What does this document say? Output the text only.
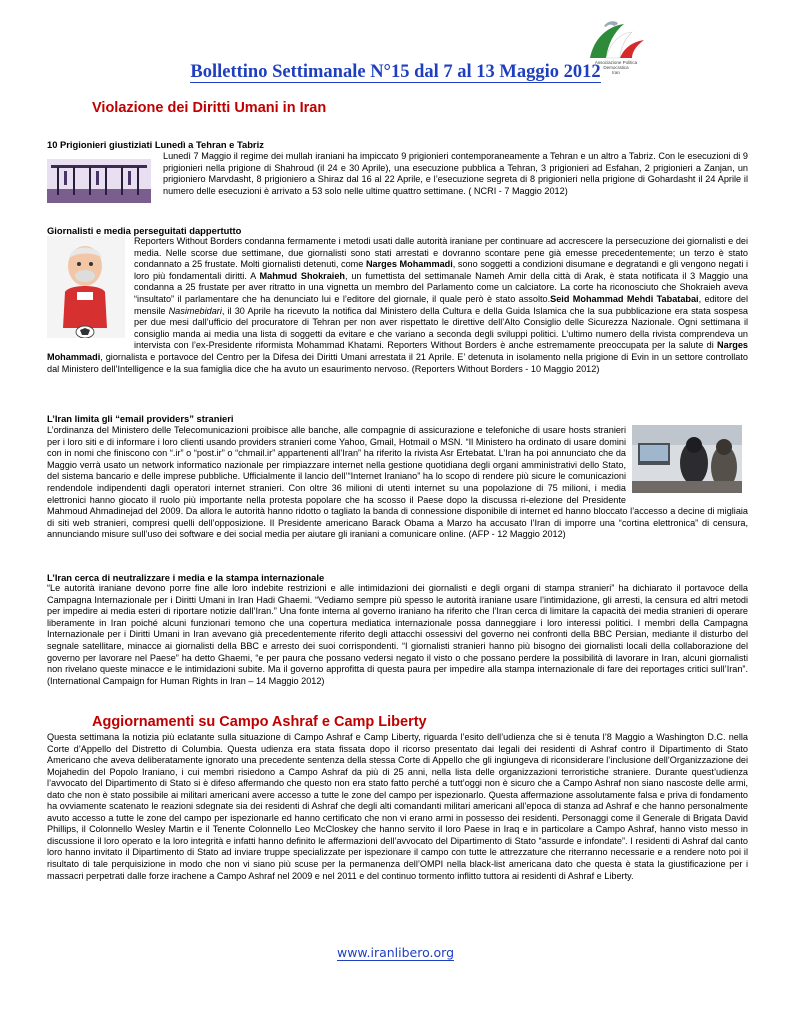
Associazione Politica
Democratica
Iran
Bollettino Settimanale N°15 dal 7 al 13 Maggio 2012
Violazione dei Diritti Umani in Iran
10 Prigionieri giustiziati Lunedì a Tehran e Tabriz

Lunedì 7 Maggio il regime dei mullah iraniani ha impiccato 9 prigionieri contemporaneamente a Tehran e un altro a Tabriz. Con le esecuzioni di 9 prigionieri nella prigione di Shahroud (il 24 e 30 Aprile), una esecuzione pubblica a Tehran, 3 prigionieri ad Esfahan, 2 prigionieri a Zanjan, un prigioniero Marvdasht, 8 prigioniero a Shiraz dal 16 al 22 Aprile, e l’esecuzione segreta di 8 prigionieri nella prigione di Gohardasht il 24 Aprile il numero delle esecuzioni è arrivato a 53 solo nelle ultime quattro settimane. ( NCRI - 7 Maggio 2012)

Giornalisti e media perseguitati dappertutto

Reporters Without Borders condanna fermamente i metodi usati dalle autorità iraniane per continuare ad accrescere la persecuzione dei giornalisti e dei media. Nelle scorse due settimane, due giornalisti sono stati arrestati e dovranno scontare pene già emesse precedentemente; un terzo è stato condannato a 25 frustate. Molti giornalisti detenuti, come Narges Mohammadi, sono soggetti a condizioni disumane e degratandi e gli vengono negati i loro più fondamentali diritti. A Mahmud Shokraieh, un fumettista del settimanale Nameh Amir della città di Arak, è stata notificata il 3 Maggio una condanna a 25 frustate per aver ritratto in una vignetta un membro del Parlamento come un calciatore. La corte ha riconosciuto che Shokraieh aveva “insultato” il parlamentare che ha denunciato lui e l’editore del giornale, il quale però è stato assolto.Seid Mohammad Mehdi Tabatabai, editore del mensile Nasimebidari, il 30 Aprile ha ricevuto la notifica dal Ministero della Cultura e della Guida Islamica che la sua pubblicazione era stata sospesa per due mesi dall’ufficio del procuratore di Tehran per non aver rispettato le direttive dell’Alto Consiglio delle Sicurezza Nazionale. Ogni settimana il consiglio manda ai media una lista di soggetti da evitare e che variano a seconda degli sviluppi politici. L’ultimo numero della rivista comprendeva un intervista con l’ex-Presidente riformista Mohammad Khatami. Reporters Without Borders è anche estremamente preoccupata per la salute di Narges Mohammadi, giornalista e portavoce del Centro per la Difesa dei Diritti Umani arrestata il 21 Aprile. E’ detenuta in isolamento nella prigione di Evin in un settore controllato dal Ministero dell’Intelligence e la sua famiglia dice che ha avuto un esaurimento nervoso. (Reporters Without Borders - 10 Maggio 2012)

L’Iran limita gli “email providers” stranieri

L’ordinanza del Ministero delle Telecomunicazioni proibisce alle banche, alle compagnie di assicurazione e telefoniche di usare hosts stranieri per i loro siti e di informare i loro clienti usando providers stranieri come Yahoo, Gmail, Hotmail o MSN. “Il Ministero ha ordinato di usare domini con in nomi che finiscono con “.ir” o “post.ir” o “chmail.ir” appartenenti all’Iran” ha riferito la rivista Asr Ertebatat. L’Iran ha poi annunciato che da Maggio verrà usato un network informatico nazionale per rimpiazzare internet nella gestione quotidiana degli organi amministrativi dello Stato, del sistema bancario e delle imprese pubbliche. Ufficialmente il lancio dell’“Internet Iraniano” ha lo scopo di rendere più sicure le comunicazioni rendendole indipendenti dagli operatori internet stranieri. Con oltre 36 milioni di utenti internet su una popolazione di 75 milioni, i media elettronici hanno giocato il ruolo più importante nella protesta popolare che ha scosso il Paese dopo la discussa ri-elezione del Presidente Mahmoud Ahmadinejad del 2009. Da allora le autorità hanno ridotto o tagliato la banda di connessione disponibile di internet ed hanno bloccato l’accesso a decine di migliaia di siti web stranieri, compresi quelli dell’opposizione. Il Presidente americano Barack Obama a Marzo ha accusato l’Iran di imporre una “cortina elettronica” di censura, annunciando misure sull’uso dei software e dei social media per aiutare gli iraniani a comunicare online. (AFP - 12 Maggio 2012)

L’Iran cerca di neutralizzare i media e la stampa internazionale

“Le autorità iraniane devono porre fine alle loro indebite restrizioni e alle intimidazioni dei giornalisti e degli organi di stampa stranieri” ha dichiarato il portavoce della Campagna Internazionale per i Diritti Umani in Iran Hadi Ghaemi. “Vediamo sempre più spesso le autorità iraniane usare l’intimidazione, gli arresti, la censura ed altri metodi per impedire ai media esteri di riportare notizie dall’Iran.” Una fonte interna al governo iraniano ha riferito che l’Iran cerca di limitare la capacità dei media stranieri di operare liberamente in Iran poiché alcuni funzionari temono che una copertura mediatica internazionale possa danneggiare i loro interessi politici. I membri della Campagna Internazionale per i Diritti Umani in Iran avevano già precedentemente riferito degli attacchi ossessivi del governo nei confronti della BBC Persian, mediante il disturbo del segnale satellitare, minacce ai giornalisti della BBC e arresto dei suoi corrispondenti. “I giornalisti stranieri hanno più bisogno dei giornalisti locali della collaborazione del governo per lavorare nel Paese” ha detto Ghaemi, “e per paura che possano vedersi negato il visto o che possano perdere la possibilità di lavorare in Iran, alcuni giornalisti non rivelano queste minacce e le intimidazioni subite. Ma il governo approfitta di questa paura per impedire alla stampa internazionale di fare dei reportages critici sull’Iran”. (International Campaign for Human Rights in Iran – 14 Maggio 2012)

Aggiornamenti su Campo Ashraf e Camp Liberty

Questa settimana la notizia più eclatante sulla situazione di Campo Ashraf e Camp Liberty, riguarda l’esito dell’udienza che si è tenuta l’8 Maggio a Washington D.C. nella Corte d’Appello del Distretto di Columbia. Questa udienza era stata fissata dopo il ricorso presentato dai legali dei residenti di Ashraf contro il Dipartimento di Stato Americano che aveva deliberatamente ignorato una precedente sentenza della stessa Corte di Appello che gli ingiungeva di riconsiderare l’inclusione dell’Organizzazione dei Mojahedin del Popolo Iraniano, i cui membri risiedono a Campo Ashraf da più di 25 anni, nella lista delle organizzazioni terroristiche straniere. Durante quest’udienza l’avvocato del Dipartimento di Stato si è difeso affermando che questo non era stato fatto perché a tutt’oggi non è sicuro che a Campo Ashraf non siano nascoste delle armi, dato che non è stato possibile ai militari americani avere accesso a tutte le zone del campo per ispezionarlo. Questa affermazione assolutamente falsa e priva di fondamento ha ovviamente scatenato le reazioni sdegnate sia dei residenti di Ashraf che degli alti comandanti militari americani all’epoca di stanza ad Ashraf e che hanno personalmente avuto accesso a tutte le zone del campo per ispezionarle ed hanno certificato che non vi erano armi in possesso dei residenti. Personaggi come il Generale di Brigata David Phillips, il Colonnello Wesley Martin e il Tenente Colonnello Leo McCloskey che hanno servito il loro Paese in Iraq e in particolare a Campo Ashraf, hanno visto messo in discussione il loro operato e la loro integrità e infatti hanno definito le affermazioni dell’avvocato del Dipartimento di Stato “assurde e infondate”. I residenti di Ashraf dal canto loro hanno invitato il Dipartimento di Stato ad inviare truppe specializzate per ispezionare il campo con tutte le attrezzature che riterranno necessarie e a rendere noto poi il risultato di tale perquisizione in modo che non vi siano più scuse per la permanenza dell’OMPI nella black-list americana dato che questa è stata la giustificazione per i massacri perpetrati dalle forze irachene a Campo Ashraf nel 2009 e nel 2011 e del continuo tormento inflitto tuttora ai residenti di Ashraf e Liberty.

www.iranlibero.org
